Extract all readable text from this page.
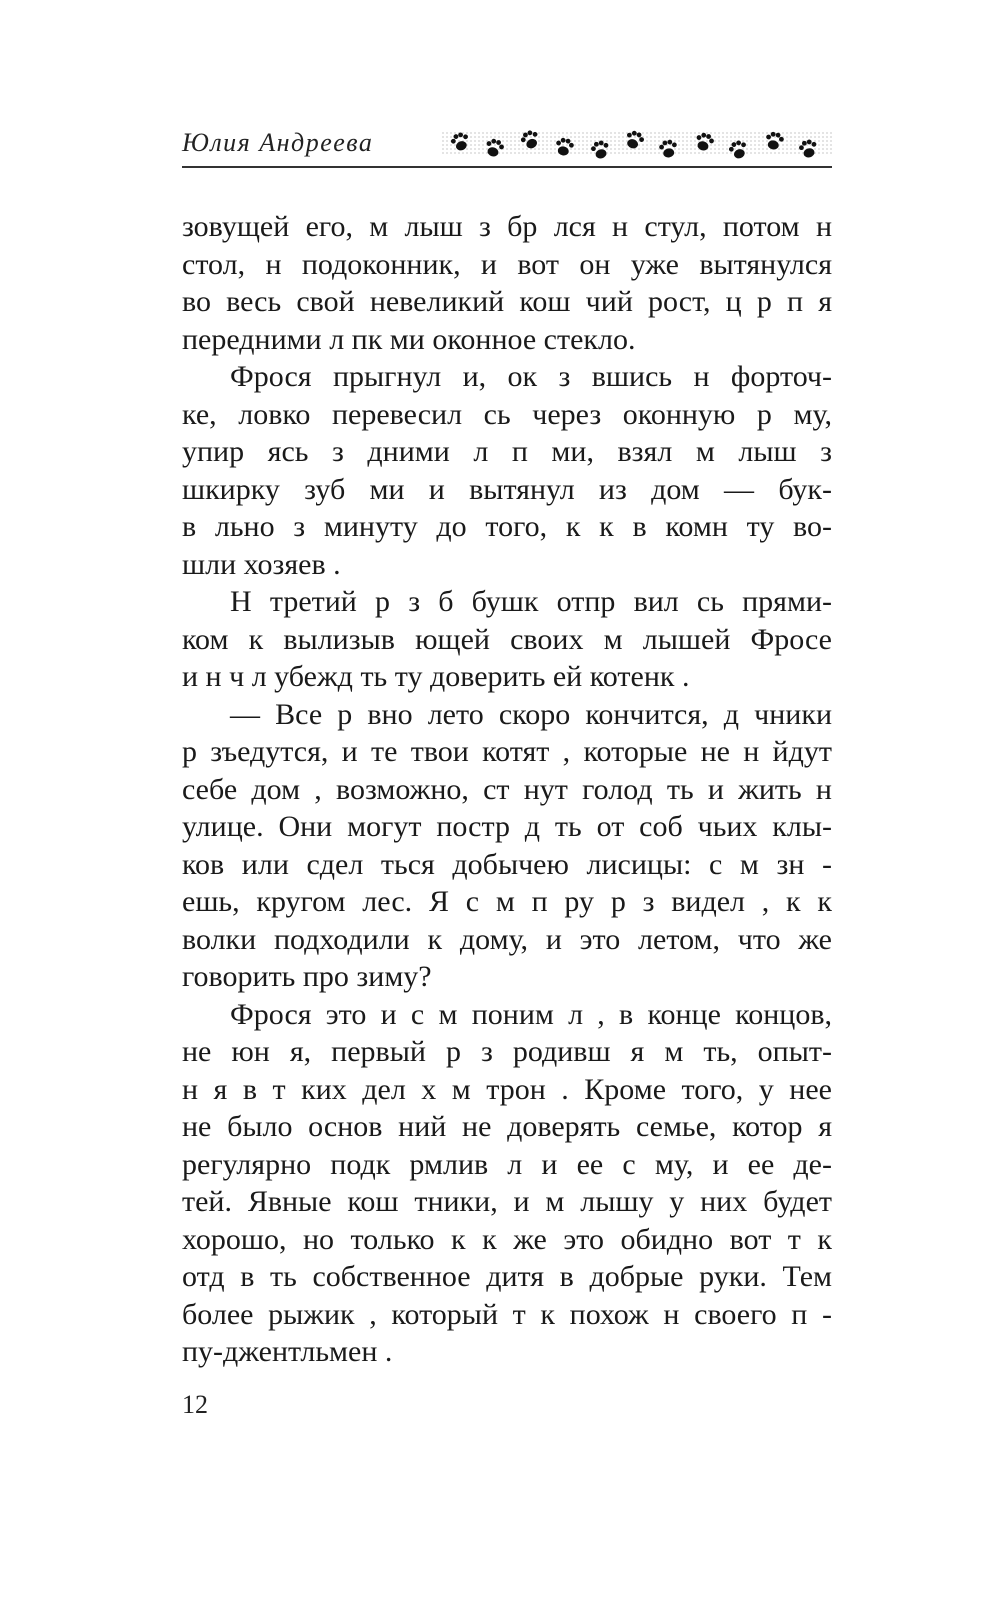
Юлия Андреева
зовущей его, м лыш з бр лся н стул, потом н
стол, н подоконник, и вот он уже вытянулся
во весь свой невеликий кош чий рост, ц р п я
передними л пк ми оконное стекло.
Фрося прыгнул и, ок з вшись н форточ-
ке, ловко перевесил сь через оконную р му,
упир ясь з дними л п ми, взял м лыш з
шкирку зуб ми и вытянул из дом — бук-
в льно з минуту до того, к к в комн ту во-
шли хозяев .
Н третий р з б бушк отпр вил сь прями-
ком к вылизыв ющей своих м лышей Фросе
и н ч л убежд ть ту доверить ей котенк .
— Все р вно лето скоро кончится, д чники
р зъедутся, и те твои котят , которые не н йдут
себе дом , возможно, ст нут голод ть и жить н
улице. Они могут постр д ть от соб чьих клы-
ков или сдел ться добычею лисицы: с м зн -
ешь, кругом лес. Я с м п ру р з видел , к к
волки подходили к дому, и это летом, что же
говорить про зиму?
Фрося это и с м поним л , в конце концов,
не юн я, первый р з родивш я м ть, опыт-
н я в т ких дел х м трон . Кроме того, у нее
не было основ ний не доверять семье, котор я
регулярно подк рмлив л и ее с му, и ее де-
тей. Явные кош тники, и м лышу у них будет
хорошо, но только к к же это обидно вот т к
отд в ть собственное дитя в добрые руки. Тем
более рыжик , который т к похож н своего п -
пу-джентльмен .
12
